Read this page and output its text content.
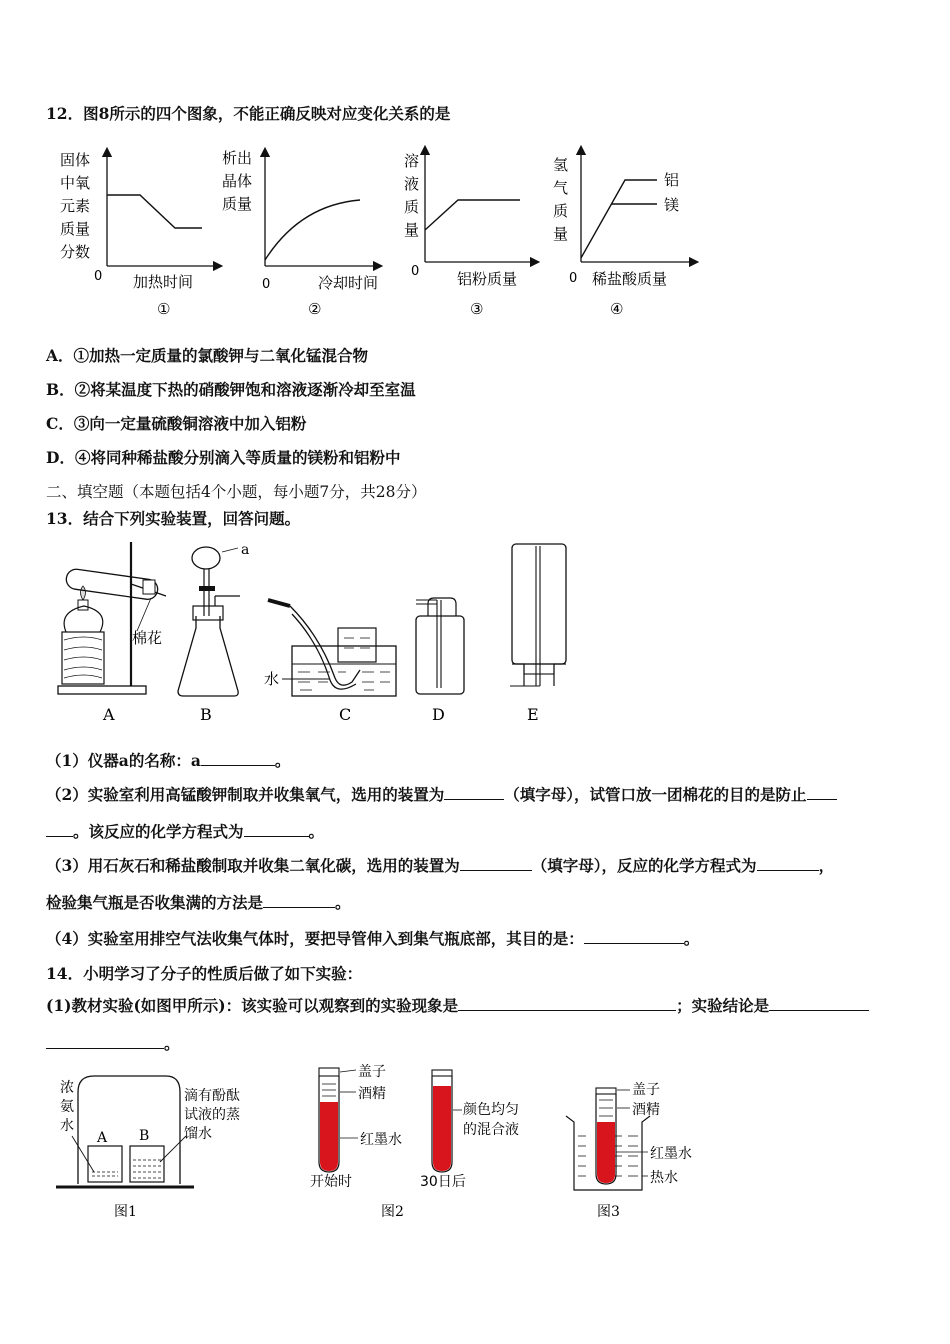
12．图8所示的四个图象，不能正确反映对应变化关系的是
固体
中氧
元素
质量
分数
0 加热时间
①
析出
晶体
质量
0	冷却时间
②
溶
液
质
量
0	铝粉质量
③
氢
气
质
量
0 稀盐酸质量
铝
镁
④
A．①加热一定质量的氯酸钾与二氧化锰混合物
B．②将某温度下热的硝酸钾饱和溶液逐渐冷却至室温
C．③向一定量硫酸铜溶液中加入铝粉
D．④将同种稀盐酸分别滴入等质量的镁粉和铝粉中
二、填空题（本题包括4个小题，每小题7分，共28分）
13．结合下列实验装置，回答问题。
棉花
A
a
B
水
C	D	E
（1）仪器a的名称：a	。
（2）实验室利用高锰酸钾制取并收集氧气，选用的装置为	（填字母），试管口放一团棉花的目的是防止
。该反应的化学方程式为	。
（3）用石灰石和稀盐酸制取并收集二氧化碳，选用的装置为	（填字母），反应的化学方程式为	，
检验集气瓶是否收集满的方法是	。
（4）实验室用排空气法收集气体时，要把导管伸入到集气瓶底部，其目的是：	。
14．小明学习了分子的性质后做了如下实验：
(1)教材实验(如图甲所示)：该实验可以观察到的实验现象是	；实验结论是
。
浓
氨
水
A B
滴有酚酞
试液的蒸
馏水
图1
盖子
酒精
红墨水
开始时
颜色均匀
的混合液
30日后
图2
盖子
酒精
红墨水
热水
图3
